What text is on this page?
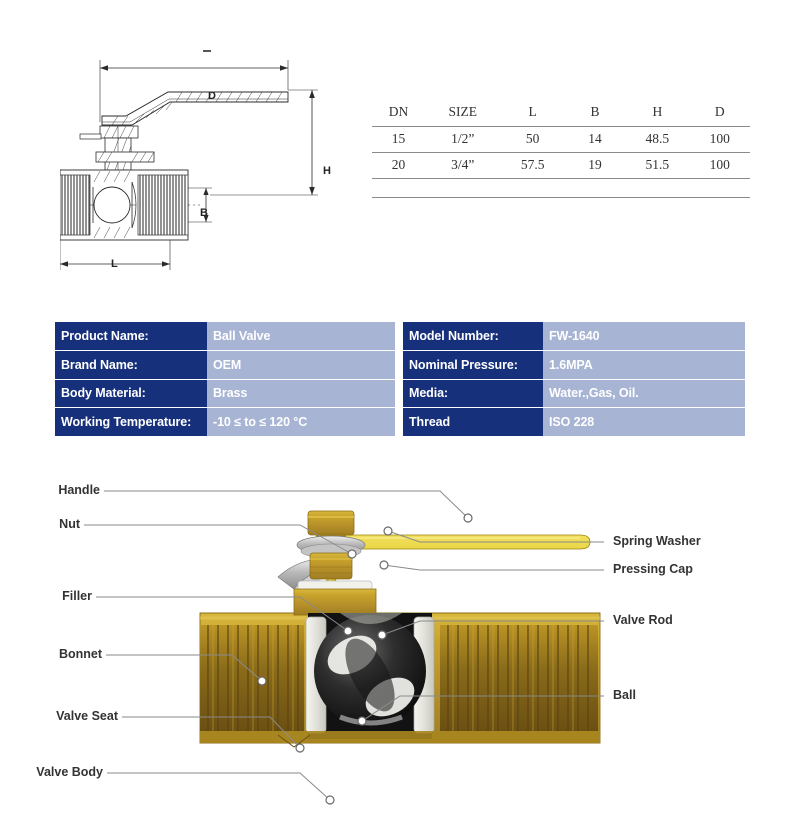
D
H
B
L
DN	SIZE	L	B	H	D
15	1/2”	50	14	48.5	100
20	3/4”	57.5	19	51.5	100

Product Name:	Ball Valve
Brand Name:	OEM
Body Material:	Brass
Working Temperature:	-10 ≤ to ≤ 120 °C
Model Number:	FW-1640
Nominal Pressure:	1.6MPA
Media:	Water.,Gas, Oil.
Thread	ISO 228
Handle
Nut
Filler
Bonnet
Valve Seat
Valve Body
Spring Washer
Pressing Cap
Valve Rod
Ball
